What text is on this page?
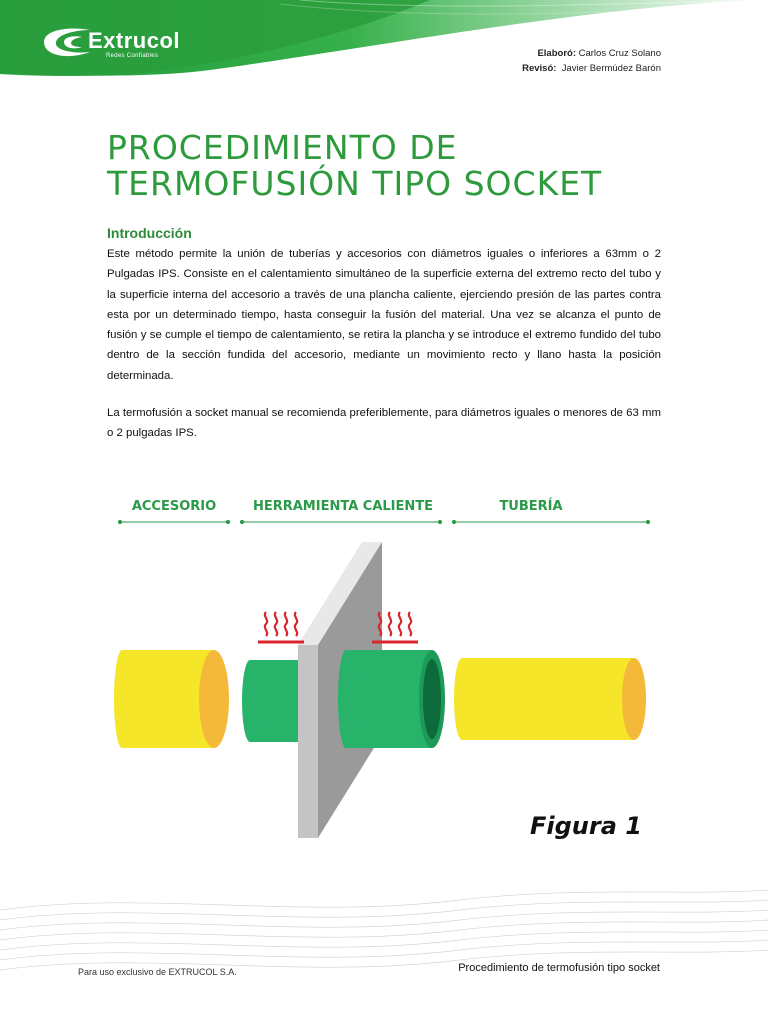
Extrucol
Redes Confiables	Elaboró: Carlos Cruz Solano
Revisó: Javier Bermúdez Barón
PROCEDIMIENTO DE
TERMOFUSIÓN TIPO SOCKET
Introducción
Este método permite la unión de tuberías y accesorios con diámetros iguales o inferiores a 63mm o 2 Pulgadas IPS. Consiste en el calentamiento simultáneo de la superficie externa del extremo recto del tubo y la superficie interna del accesorio a través de una plancha caliente, ejerciendo presión de las partes contra esta por un determinado tiempo, hasta conseguir la fusión del material. Una vez se alcanza el punto de fusión y se cumple el tiempo de calentamiento, se retira la plancha y se introduce el extremo fundido del tubo dentro de la sección fundida del accesorio, mediante un movimiento recto y llano hasta la posición determinada.
La termofusión a socket manual se recomienda preferiblemente, para diámetros iguales o menores de 63 mm o 2 pulgadas IPS.
ACCESORIO	HERRAMIENTA CALIENTE	TUBERÍA
Figura 1
Para uso exclusivo de EXTRUCOL S.A.	Procedimiento de termofusión tipo socket
